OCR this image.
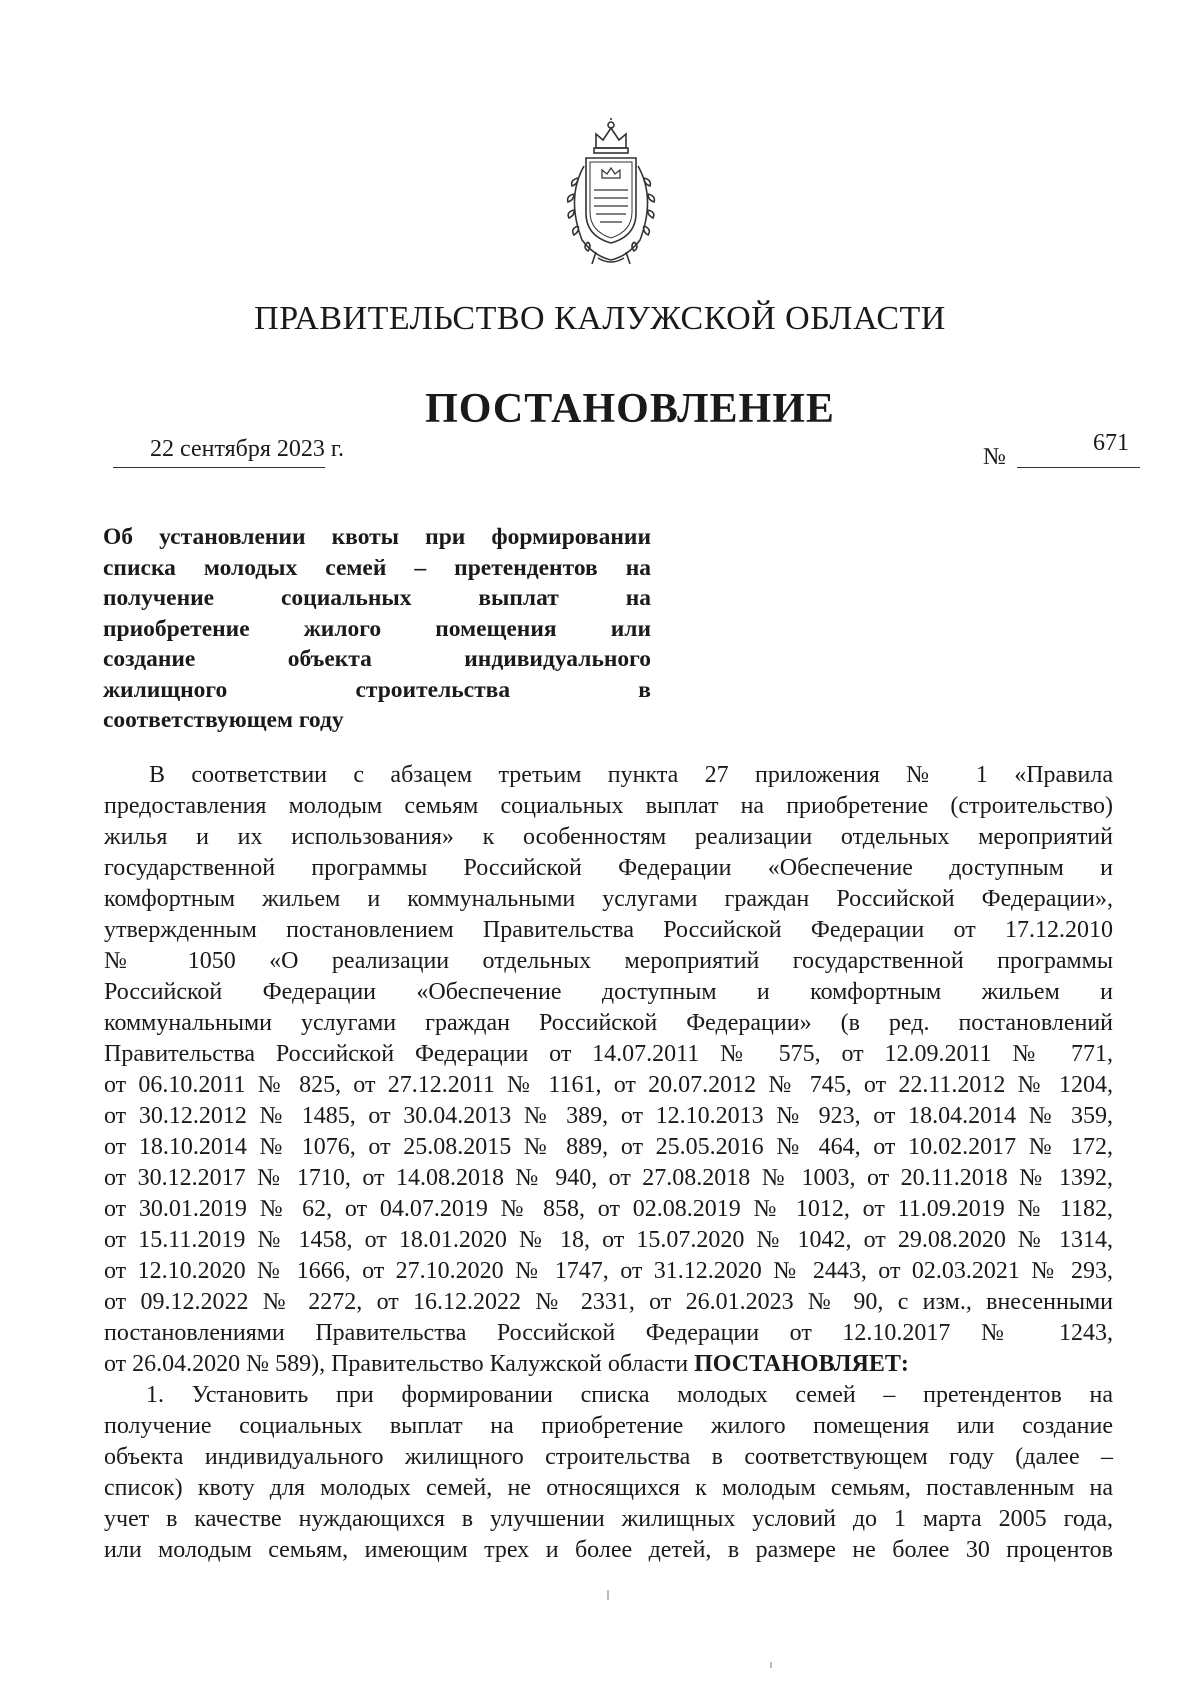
ПРАВИТЕЛЬСТВО КАЛУЖСКОЙ ОБЛАСТИ
ПОСТАНОВЛЕНИЕ
22 сентября 2023 г.	№
671
Об установлении квоты при формировании
списка молодых семей – претендентов на
получение социальных выплат на
приобретение жилого помещения или
создание объекта индивидуального
жилищного строительства в
соответствующем году
В соответствии с абзацем третьим пункта 27 приложения № 1 «Правила
предоставления молодым семьям социальных выплат на приобретение (строительство)
жилья и их использования» к особенностям реализации отдельных мероприятий
государственной программы Российской Федерации «Обеспечение доступным и
комфортным жильем и коммунальными услугами граждан Российской Федерации»,
утвержденным постановлением Правительства Российской Федерации от 17.12.2010
№ 1050 «О реализации отдельных мероприятий государственной программы
Российской Федерации «Обеспечение доступным и комфортным жильем и
коммунальными услугами граждан Российской Федерации» (в ред. постановлений
Правительства Российской Федерации от 14.07.2011 № 575, от 12.09.2011 № 771,
от 06.10.2011 № 825, от 27.12.2011 № 1161, от 20.07.2012 № 745, от 22.11.2012 № 1204,
от 30.12.2012 № 1485, от 30.04.2013 № 389, от 12.10.2013 № 923, от 18.04.2014 № 359,
от 18.10.2014 № 1076, от 25.08.2015 № 889, от 25.05.2016 № 464, от 10.02.2017 № 172,
от 30.12.2017 № 1710, от 14.08.2018 № 940, от 27.08.2018 № 1003, от 20.11.2018 № 1392,
от 30.01.2019 № 62, от 04.07.2019 № 858, от 02.08.2019 № 1012, от 11.09.2019 № 1182,
от 15.11.2019 № 1458, от 18.01.2020 № 18, от 15.07.2020 № 1042, от 29.08.2020 № 1314,
от 12.10.2020 № 1666, от 27.10.2020 № 1747, от 31.12.2020 № 2443, от 02.03.2021 № 293,
от 09.12.2022 № 2272, от 16.12.2022 № 2331, от 26.01.2023 № 90, с изм., внесенными
постановлениями Правительства Российской Федерации от 12.10.2017 № 1243,
от 26.04.2020 № 589), Правительство Калужской области ПОСТАНОВЛЯЕТ:
1. Установить при формировании списка молодых семей – претендентов на
получение социальных выплат на приобретение жилого помещения или создание
объекта индивидуального жилищного строительства в соответствующем году (далее –
список) квоту для молодых семей, не относящихся к молодым семьям, поставленным на
учет в качестве нуждающихся в улучшении жилищных условий до 1 марта 2005 года,
или молодым семьям, имеющим трех и более детей, в размере не более 30 процентов
